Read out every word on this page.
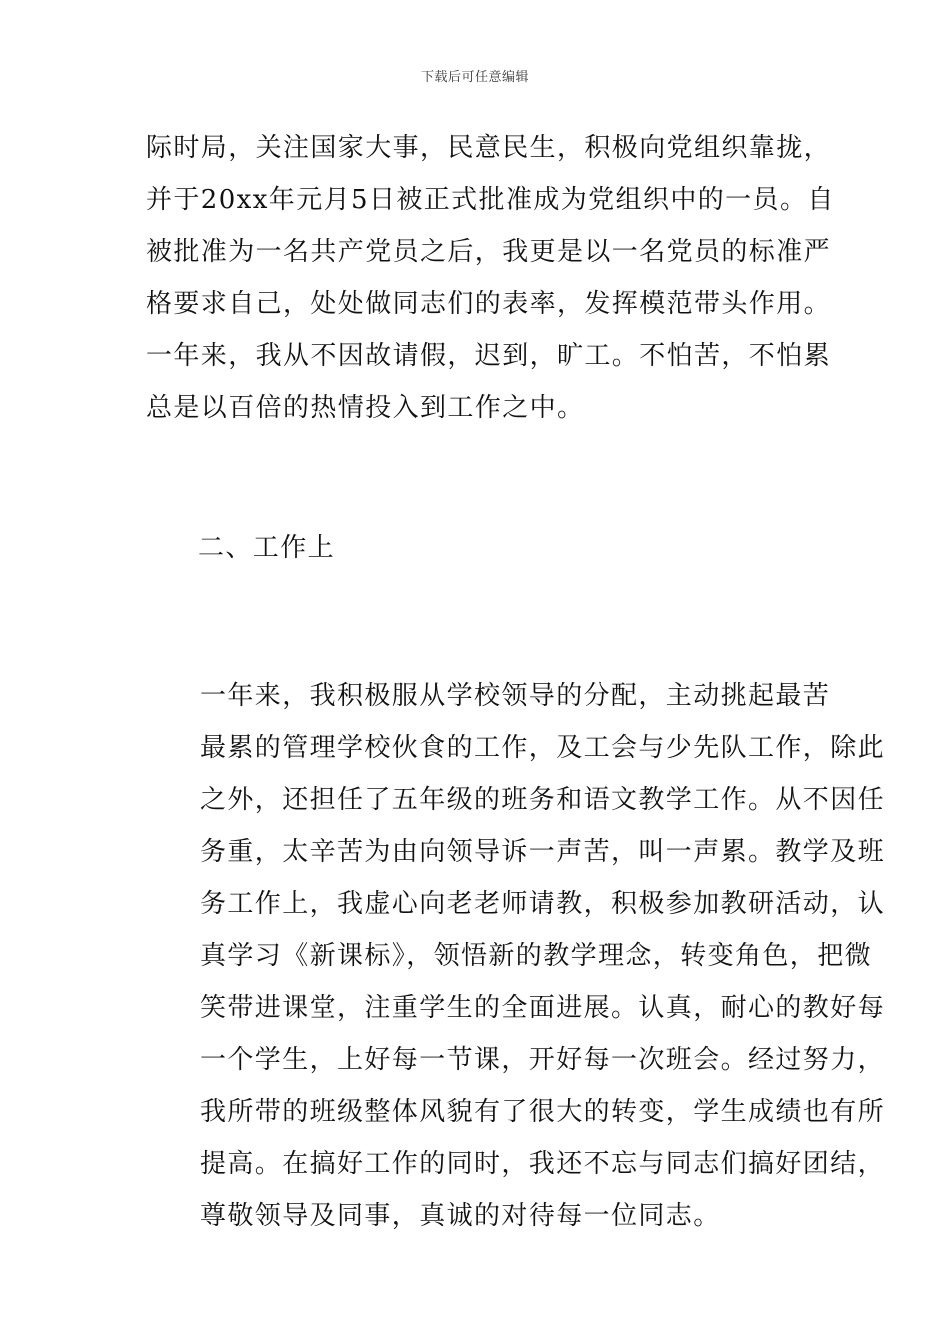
下载后可任意编辑
际时局，关注国家大事，民意民生，积极向党组织靠拢，
并于20xx年元月5日被正式批准成为党组织中的一员。自
被批准为一名共产党员之后，我更是以一名党员的标准严
格要求自己，处处做同志们的表率，发挥模范带头作用。
一年来，我从不因故请假，迟到，旷工。不怕苦，不怕累
总是以百倍的热情投入到工作之中。
二、工作上
一年来，我积极服从学校领导的分配，主动挑起最苦
最累的管理学校伙食的工作，及工会与少先队工作，除此
之外，还担任了五年级的班务和语文教学工作。从不因任
务重，太辛苦为由向领导诉一声苦，叫一声累。教学及班
务工作上，我虚心向老老师请教，积极参加教研活动，认
真学习《新课标》，领悟新的教学理念，转变角色，把微
笑带进课堂，注重学生的全面进展。认真，耐心的教好每
一个学生，上好每一节课，开好每一次班会。经过努力，
我所带的班级整体风貌有了很大的转变，学生成绩也有所
提高。在搞好工作的同时，我还不忘与同志们搞好团结，
尊敬领导及同事，真诚的对待每一位同志。
